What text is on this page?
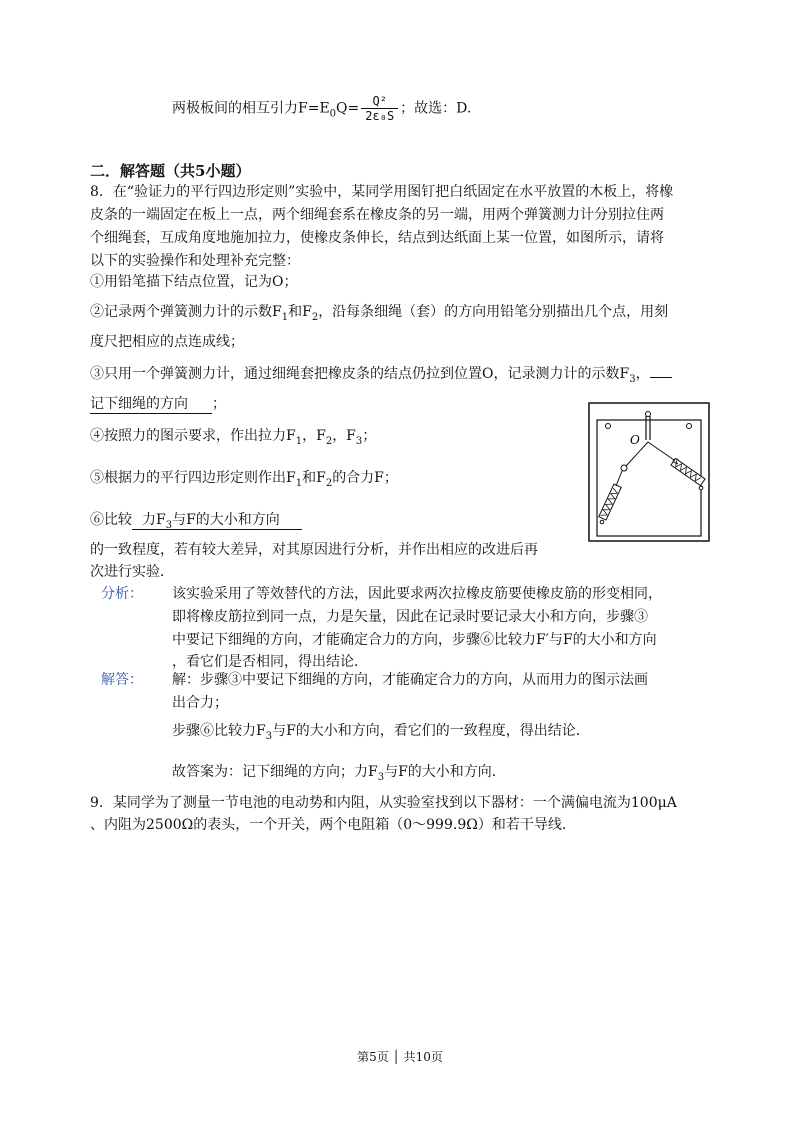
两极板间的相互引力$F=E_0Q= \frac{\text{Q²}}{\text{2ε₀S}}$ ；故选：D.
二．解答题（共5小题）
8．在“验证力的平行四边形定则”实验中，某同学用图钉把白纸固定在水平放置的木板上，将橡
皮条的一端固定在板上一点，两个细绳套系在橡皮条的另一端，用两个弹簧测力计分别拉住两
个细绳套，互成角度地施加拉力，使橡皮条伸长，结点到达纸面上某一位置，如图所示，请将
以下的实验操作和处理补充完整：
①用铅笔描下结点位置，记为O；
②记录两个弹簧测力计的示数$F_1$和$F_2$，沿每条细绳（套）的方向用铅笔分别描出几个点，用刻
度尺把相应的点连成线；
③只用一个弹簧测力计，通过细绳套把橡皮条的结点仍拉到位置O，记录测力计的示数$F_3$，
记下细绳的方向 ；
④按照力的图示要求，作出拉力$F_1$，$F_2$，$F_3$；
⑤根据力的平行四边形定则作出$F_1$和$F_2$的合力F；
⑥比较 力$F_3$与F的大小和方向
的一致程度，若有较大差异，对其原因进行分析，并作出相应的改进后再
次进行实验．
O
分析： 该实验采用了等效替代的方法，因此要求两次拉橡皮筋要使橡皮筋的形变相同，
即将橡皮筋拉到同一点，力是矢量，因此在记录时要记录大小和方向，步骤③
中要记下细绳的方向，才能确定合力的方向，步骤⑥比较力F′与F的大小和方向
，看它们是否相同，得出结论．
解答： 解：步骤③中要记下细绳的方向，才能确定合力的方向，从而用力的图示法画
出合力；
步骤⑥比较力$F_3$与F的大小和方向，看它们的一致程度，得出结论．
故答案为：记下细绳的方向；力$F_3$与F的大小和方向．
9．某同学为了测量一节电池的电动势和内阻，从实验室找到以下器材：一个满偏电流为100μA
、内阻为2500Ω的表头，一个开关，两个电阻箱（0～999.9Ω）和若干导线．
第5页 │ 共10页
